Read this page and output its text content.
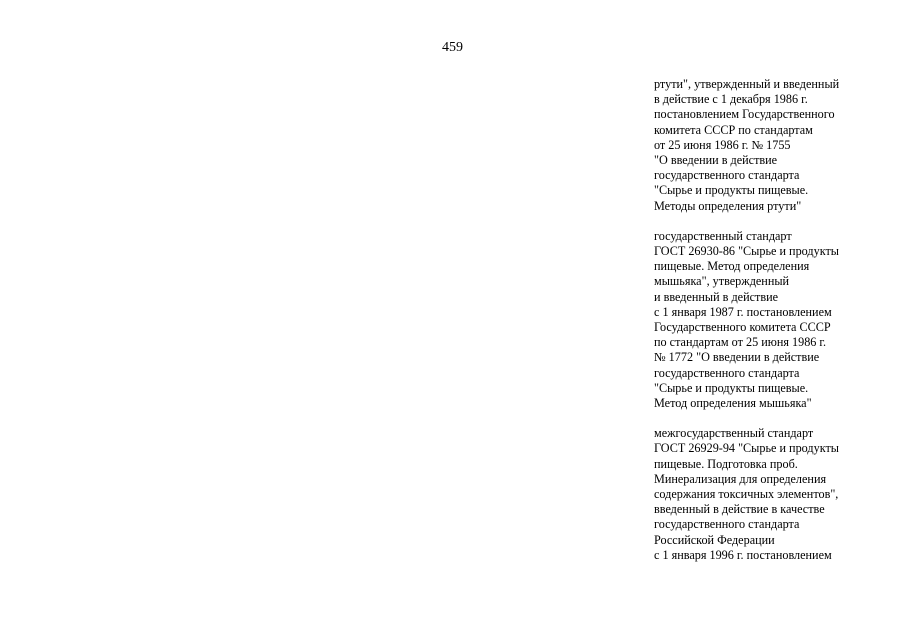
459
ртути", утвержденный и введенный
в действие с 1 декабря 1986 г.
постановлением Государственного
комитета СССР по стандартам
от 25 июня 1986 г. № 1755
"О введении в действие
государственного стандарта
"Сырье и продукты пищевые.
Методы определения ртути"
государственный стандарт
ГОСТ 26930-86 "Сырье и продукты
пищевые. Метод определения
мышьяка", утвержденный
и введенный в действие
с 1 января 1987 г. постановлением
Государственного комитета СССР
по стандартам от 25 июня 1986 г.
№ 1772 "О введении в действие
государственного стандарта
"Сырье и продукты пищевые.
Метод определения мышьяка"
межгосударственный стандарт
ГОСТ 26929-94 "Сырье и продукты
пищевые. Подготовка проб.
Минерализация для определения
содержания токсичных элементов",
введенный в действие в качестве
государственного стандарта
Российской Федерации
с 1 января 1996 г. постановлением
